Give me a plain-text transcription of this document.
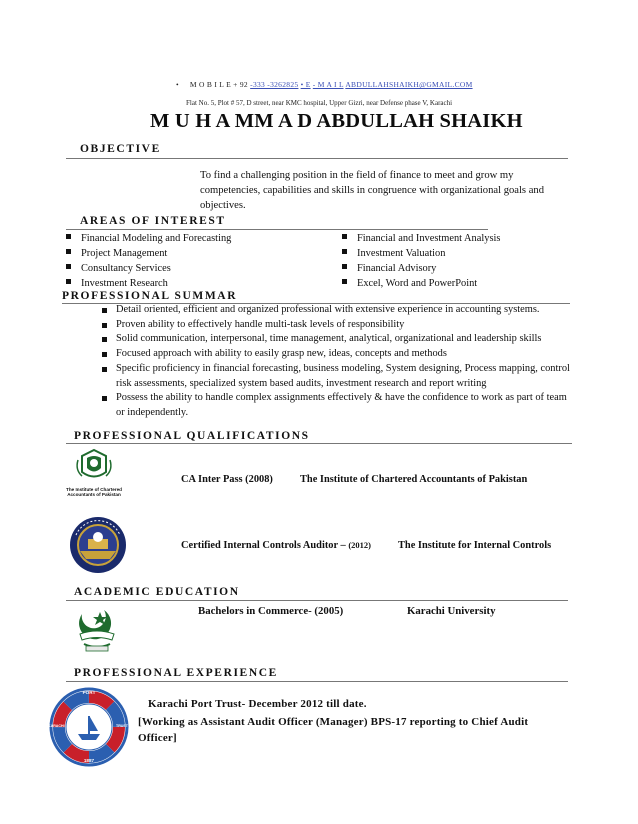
• M O B I L E + 92 -333 -3262825 • E - M A I L ABDULLAHSHAIKH@GMAIL.COM
Flat No. 5, Plot # 57, D street, near KMC hospital, Upper Gizri, near Defense phase V, Karachi
M U H A MM A D ABDULLAH SHAIKH
OBJECTIVE
To find a challenging position in the field of finance to meet and grow my competencies, capabilities and skills in congruence with organizational goals and objectives.
AREAS OF INTEREST
Financial Modeling and Forecasting
Project Management
Consultancy Services
Investment Research
Financial and Investment Analysis
Investment Valuation
Financial Advisory
Excel, Word and PowerPoint
PROFESSIONAL SUMMAR
Detail oriented, efficient and organized professional with extensive experience in accounting systems.
Proven ability to effectively handle multi-task levels of responsibility
Solid communication, interpersonal, time management, analytical, organizational and leadership skills
Focused approach with ability to easily grasp new, ideas, concepts and methods
Specific proficiency in financial forecasting, business modeling, System designing, Process mapping, control risk assessments, specialized system based audits, investment research and report writing
Possess the ability to handle complex assignments effectively & have the confidence to work as part of team or independently.
PROFESSIONAL QUALIFICATIONS
The Institute of Chartered Accountants of Pakistan
CA Inter Pass (2008)	The Institute of Chartered Accountants of Pakistan
Certified Internal Controls Auditor – (2012)	The Institute for Internal Controls
ACADEMIC EDUCATION
Bachelors in Commerce- (2005)	Karachi University
PROFESSIONAL EXPERIENCE
PORT
KARACHI	TRUST
1887
Karachi Port Trust- December 2012 till date.
[Working as Assistant Audit Officer (Manager) BPS-17 reporting to Chief Audit Officer]
